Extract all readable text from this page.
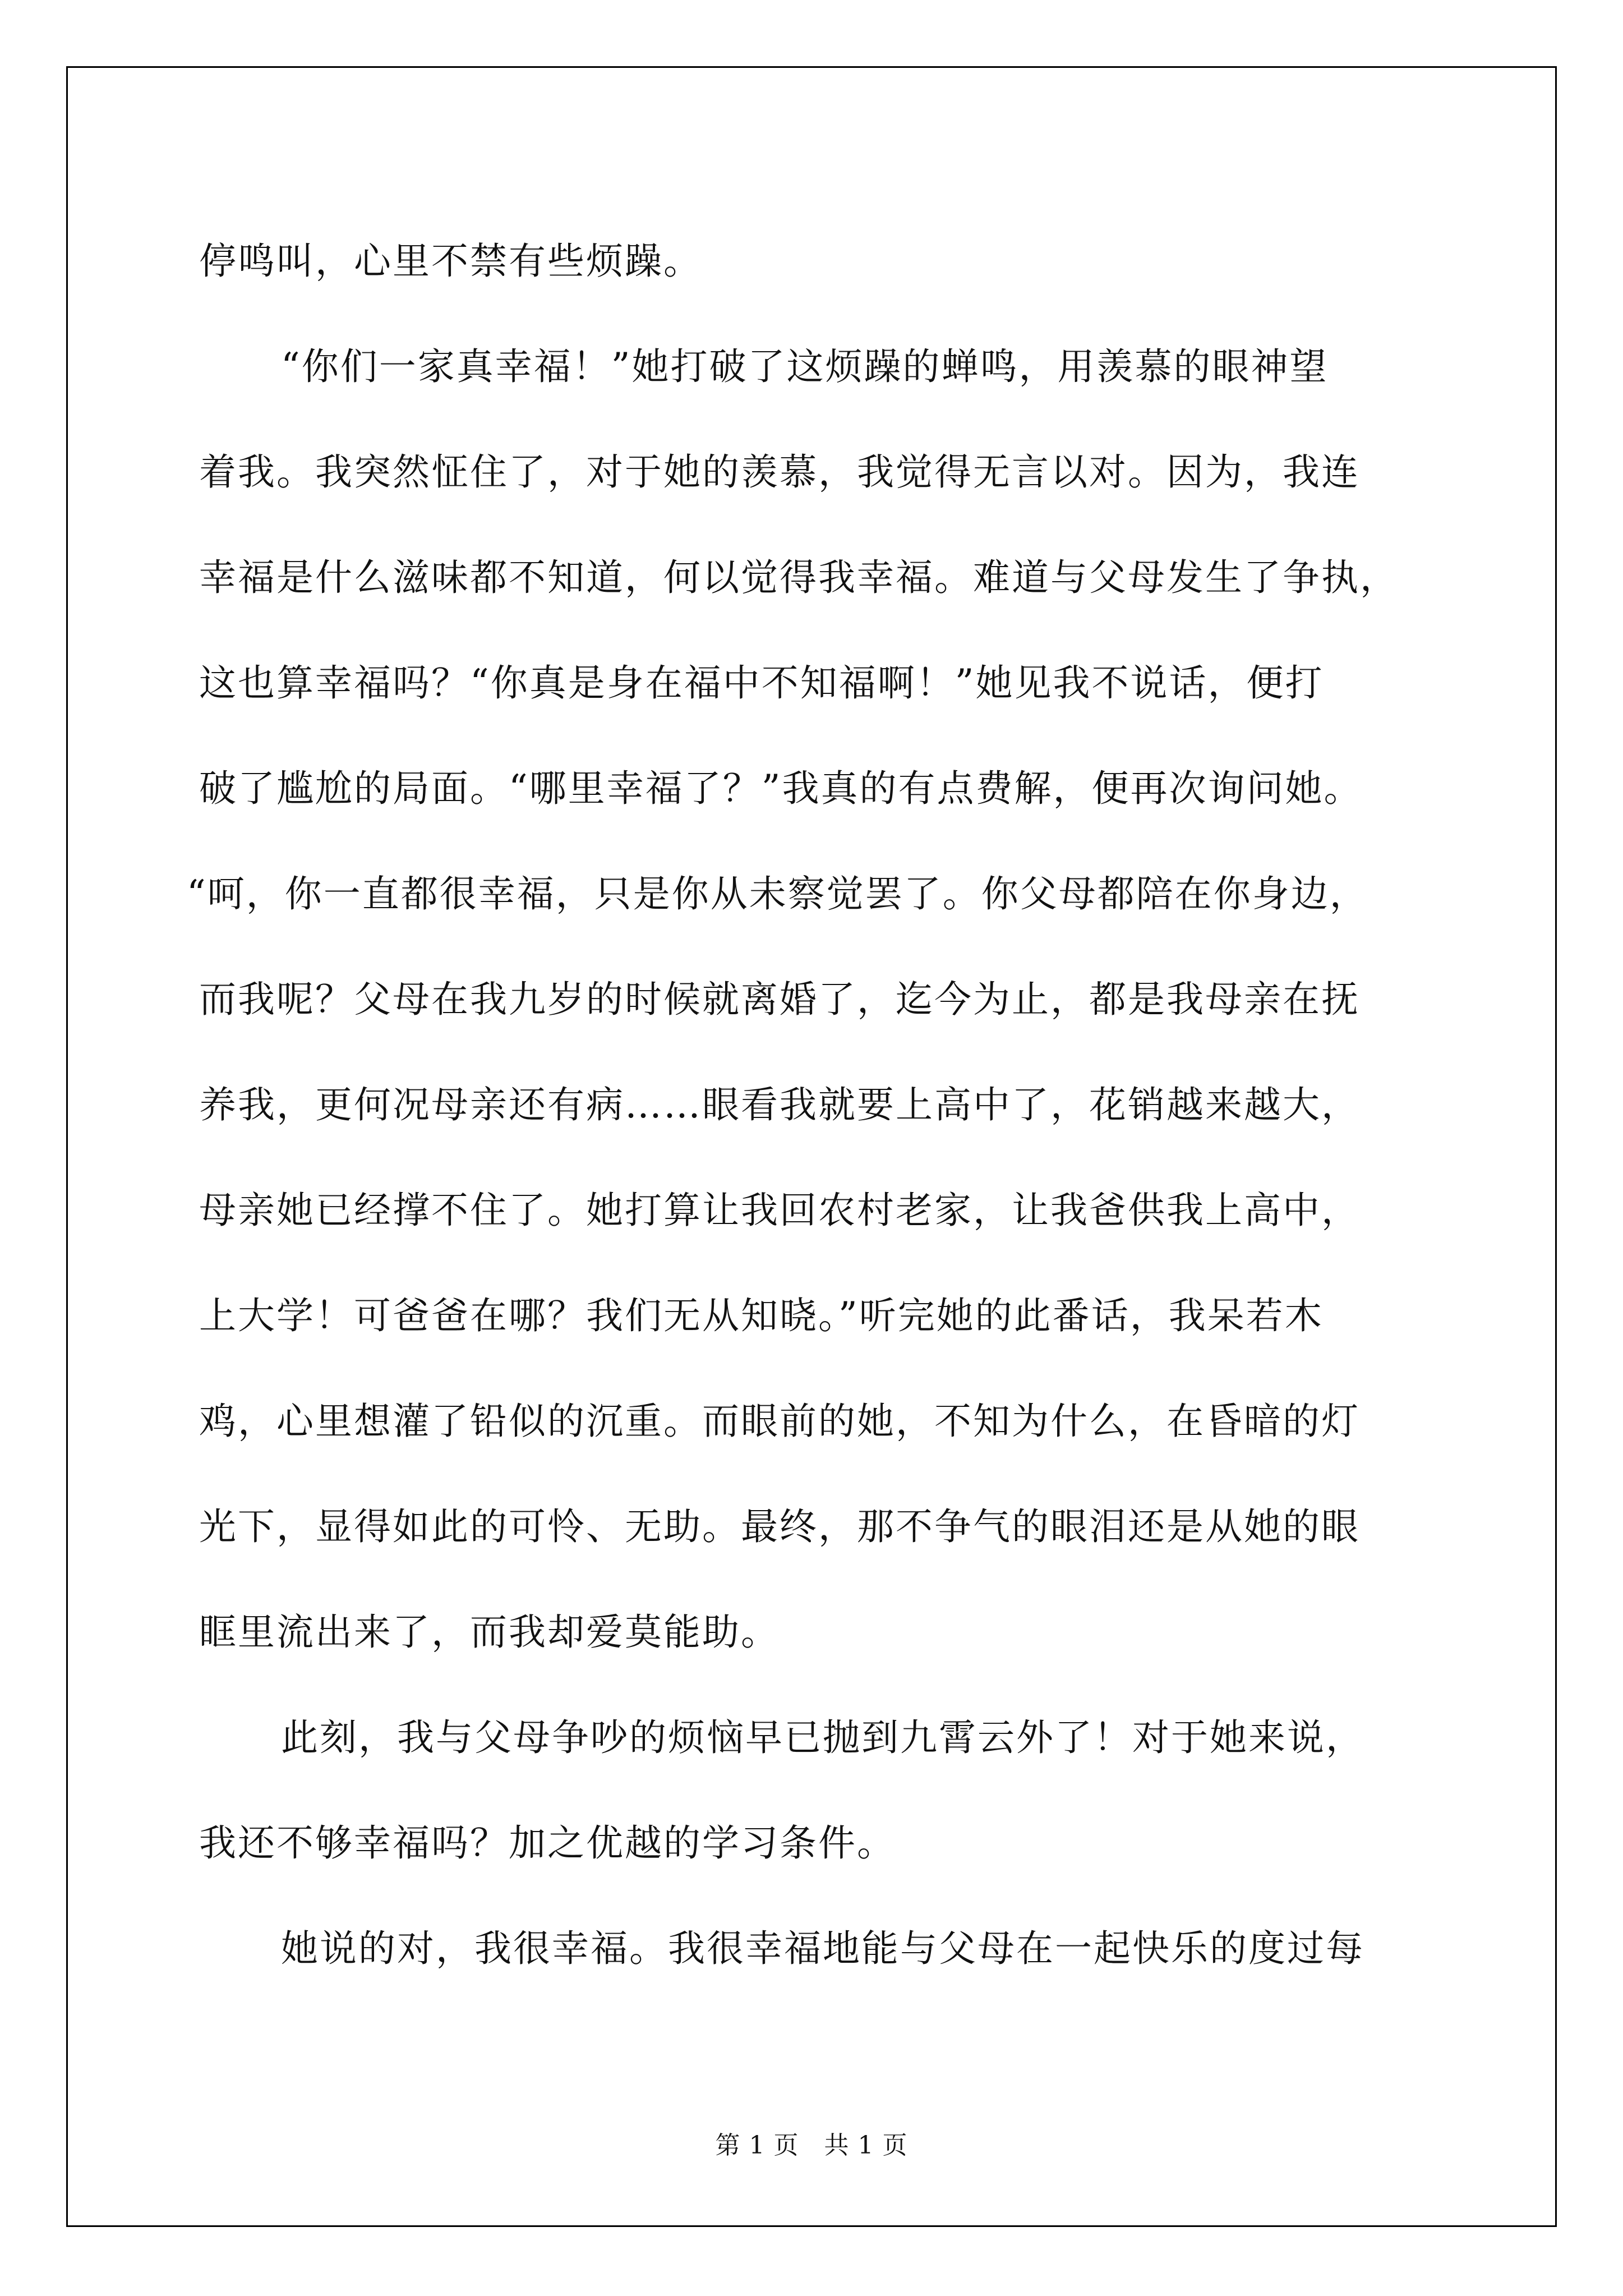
停鸣叫，心里不禁有些烦躁。
“你们一家真幸福！”她打破了这烦躁的蝉鸣，用羡慕的眼神望
着我。我突然怔住了，对于她的羡慕，我觉得无言以对。因为，我连
幸福是什么滋味都不知道，何以觉得我幸福。难道与父母发生了争执，
这也算幸福吗？“你真是身在福中不知福啊！”她见我不说话，便打
破了尴尬的局面。“哪里幸福了？”我真的有点费解，便再次询问她。
“呵，你一直都很幸福，只是你从未察觉罢了。你父母都陪在你身边，
而我呢？父母在我九岁的时候就离婚了，迄今为止，都是我母亲在抚
养我，更何况母亲还有病……眼看我就要上高中了，花销越来越大，
母亲她已经撑不住了。她打算让我回农村老家，让我爸供我上高中，
上大学！可爸爸在哪？我们无从知晓。”听完她的此番话，我呆若木
鸡，心里想灌了铅似的沉重。而眼前的她，不知为什么，在昏暗的灯
光下，显得如此的可怜、无助。最终，那不争气的眼泪还是从她的眼
眶里流出来了，而我却爱莫能助。
此刻，我与父母争吵的烦恼早已抛到九霄云外了！对于她来说，
我还不够幸福吗？加之优越的学习条件。
她说的对，我很幸福。我很幸福地能与父母在一起快乐的度过每
第 1 页　共 1 页
